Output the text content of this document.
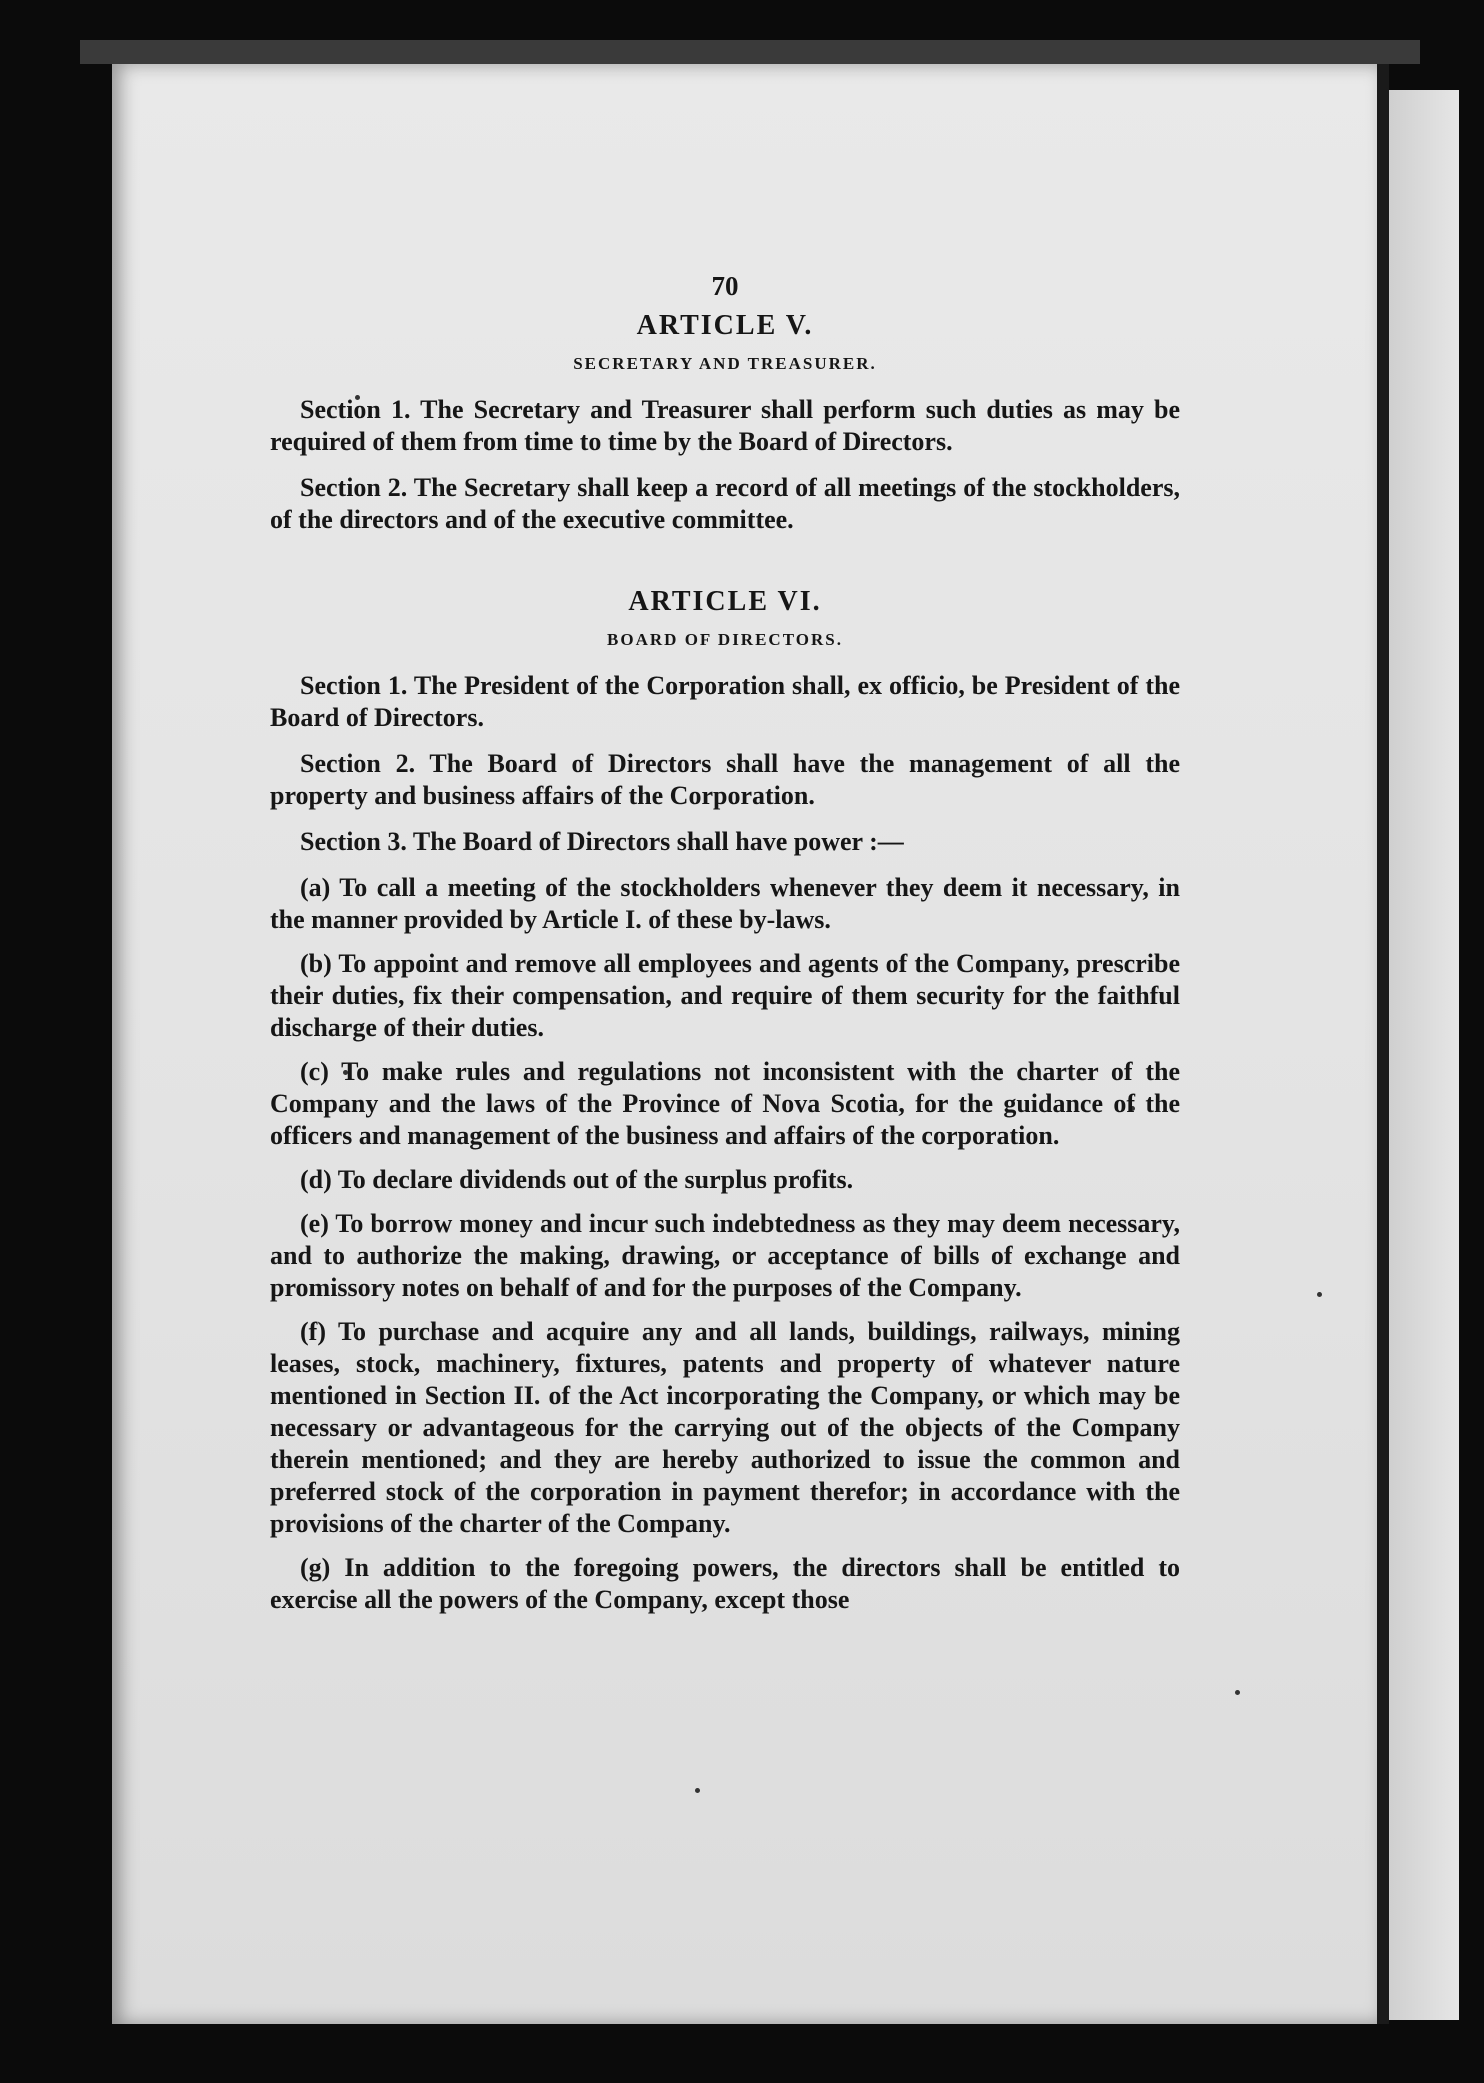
70
ARTICLE V.
SECRETARY AND TREASURER.

Section 1. The Secretary and Treasurer shall perform such duties as may be required of them from time to time by the Board of Directors.

Section 2. The Secretary shall keep a record of all meetings of the stockholders, of the directors and of the executive committee.

ARTICLE VI.
BOARD OF DIRECTORS.

Section 1. The President of the Corporation shall, ex officio, be President of the Board of Directors.

Section 2. The Board of Directors shall have the management of all the property and business affairs of the Corporation.

Section 3. The Board of Directors shall have power :—

(a) To call a meeting of the stockholders whenever they deem it necessary, in the manner provided by Article I. of these by-laws.

(b) To appoint and remove all employees and agents of the Company, prescribe their duties, fix their compensation, and require of them security for the faithful discharge of their duties.

(c) To make rules and regulations not inconsistent with the charter of the Company and the laws of the Province of Nova Scotia, for the guidance of the officers and management of the business and affairs of the corporation.

(d) To declare dividends out of the surplus profits.

(e) To borrow money and incur such indebtedness as they may deem necessary, and to authorize the making, drawing, or acceptance of bills of exchange and promissory notes on behalf of and for the purposes of the Company.

(f) To purchase and acquire any and all lands, buildings, railways, mining leases, stock, machinery, fixtures, patents and property of whatever nature mentioned in Section II. of the Act incorporating the Company, or which may be necessary or advantageous for the carrying out of the objects of the Company therein mentioned; and they are hereby authorized to issue the common and preferred stock of the corporation in payment therefor; in accordance with the provisions of the charter of the Company.

(g) In addition to the foregoing powers, the directors shall be entitled to exercise all the powers of the Company, except those
